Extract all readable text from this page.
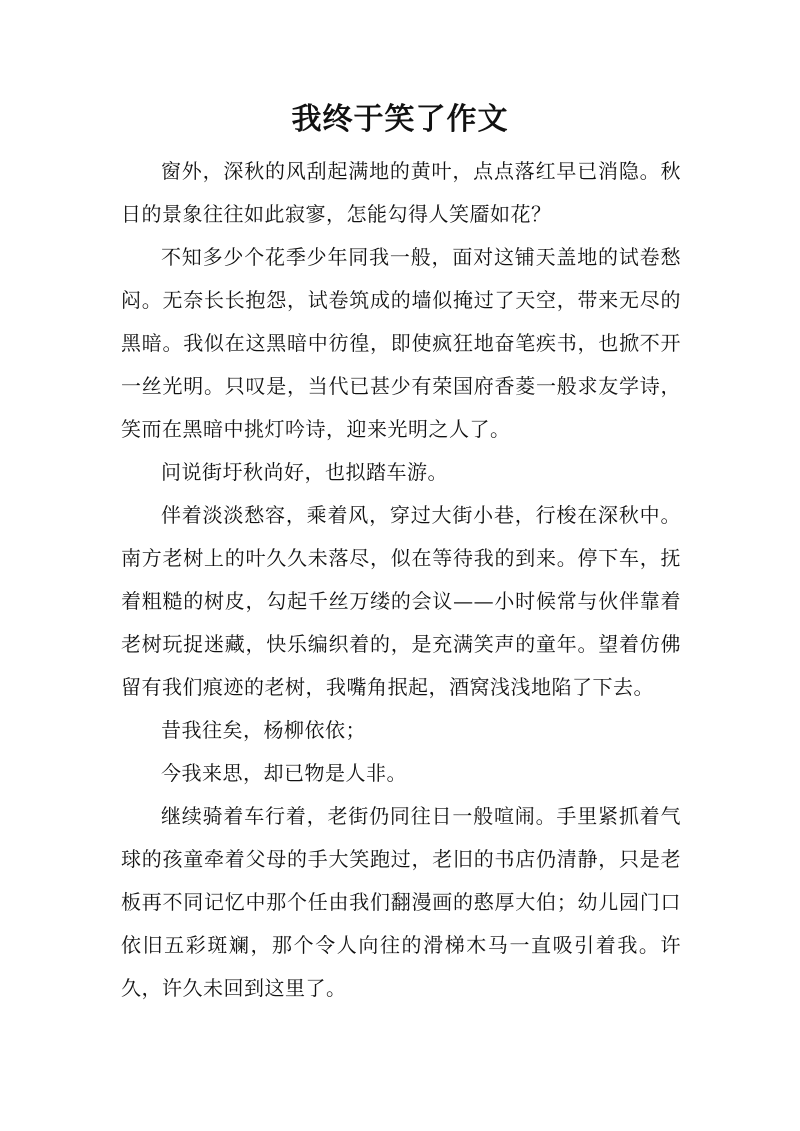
我终于笑了作文

窗外，深秋的风刮起满地的黄叶，点点落红早已消隐。秋日的景象往往如此寂寥，怎能勾得人笑靥如花？

不知多少个花季少年同我一般，面对这铺天盖地的试卷愁闷。无奈长长抱怨，试卷筑成的墙似掩过了天空，带来无尽的黑暗。我似在这黑暗中彷徨，即使疯狂地奋笔疾书，也掀不开一丝光明。只叹是，当代已甚少有荣国府香菱一般求友学诗，笑而在黑暗中挑灯吟诗，迎来光明之人了。

问说街圩秋尚好，也拟踏车游。

伴着淡淡愁容，乘着风，穿过大街小巷，行梭在深秋中。南方老树上的叶久久未落尽，似在等待我的到来。停下车，抚着粗糙的树皮，勾起千丝万缕的会议——小时候常与伙伴靠着老树玩捉迷藏，快乐编织着的，是充满笑声的童年。望着仿佛留有我们痕迹的老树，我嘴角抿起，酒窝浅浅地陷了下去。

昔我往矣，杨柳依依；

今我来思，却已物是人非。

继续骑着车行着，老街仍同往日一般喧闹。手里紧抓着气球的孩童牵着父母的手大笑跑过，老旧的书店仍清静，只是老板再不同记忆中那个任由我们翻漫画的憨厚大伯；幼儿园门口依旧五彩斑斓，那个令人向往的滑梯木马一直吸引着我。许久，许久未回到这里了。
